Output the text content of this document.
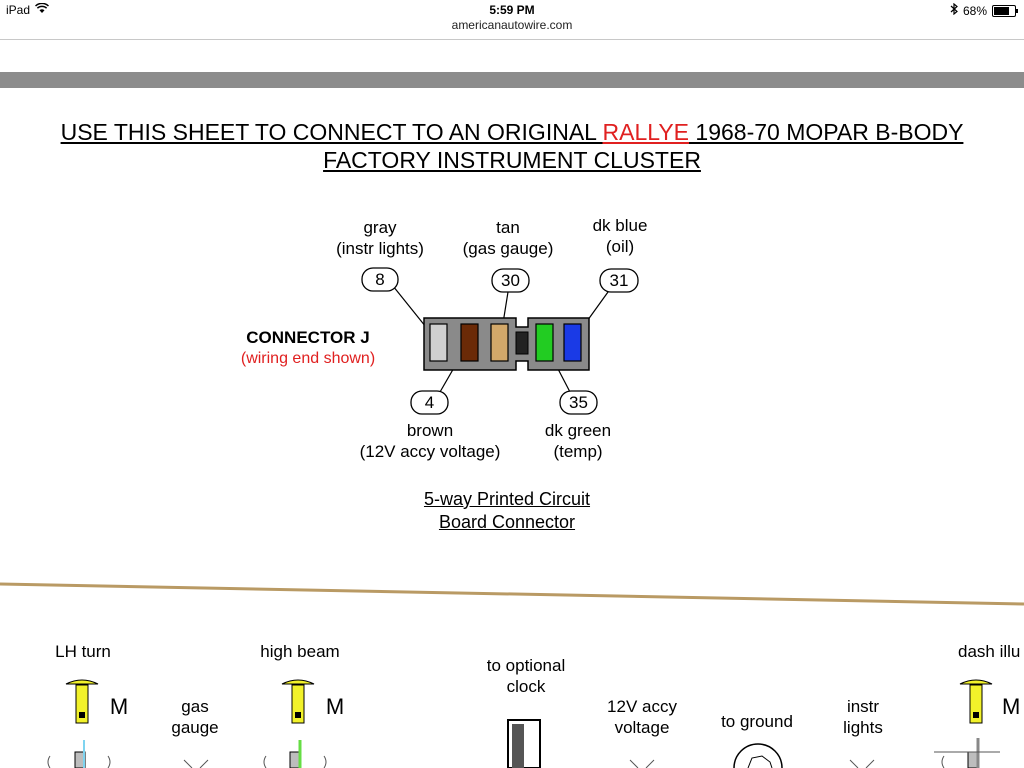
iPad	5:59 PM	68%
americanautowire.com
USE THIS SHEET TO CONNECT TO AN ORIGINAL RALLYE 1968-70 MOPAR B-BODY
FACTORY INSTRUMENT CLUSTER
8	30	31
4	35
gray
(instr lights)
tan
(gas gauge)
dk blue
(oil)
brown
(12V accy voltage)
dk green
(temp)
CONNECTOR J
(wiring end shown)
5-way Printed Circuit
Board Connector
LH turn
M	gas
gauge
high beam
M
to optional
clock
12V accy
voltage	to ground
instr
lights
dash illu
M
